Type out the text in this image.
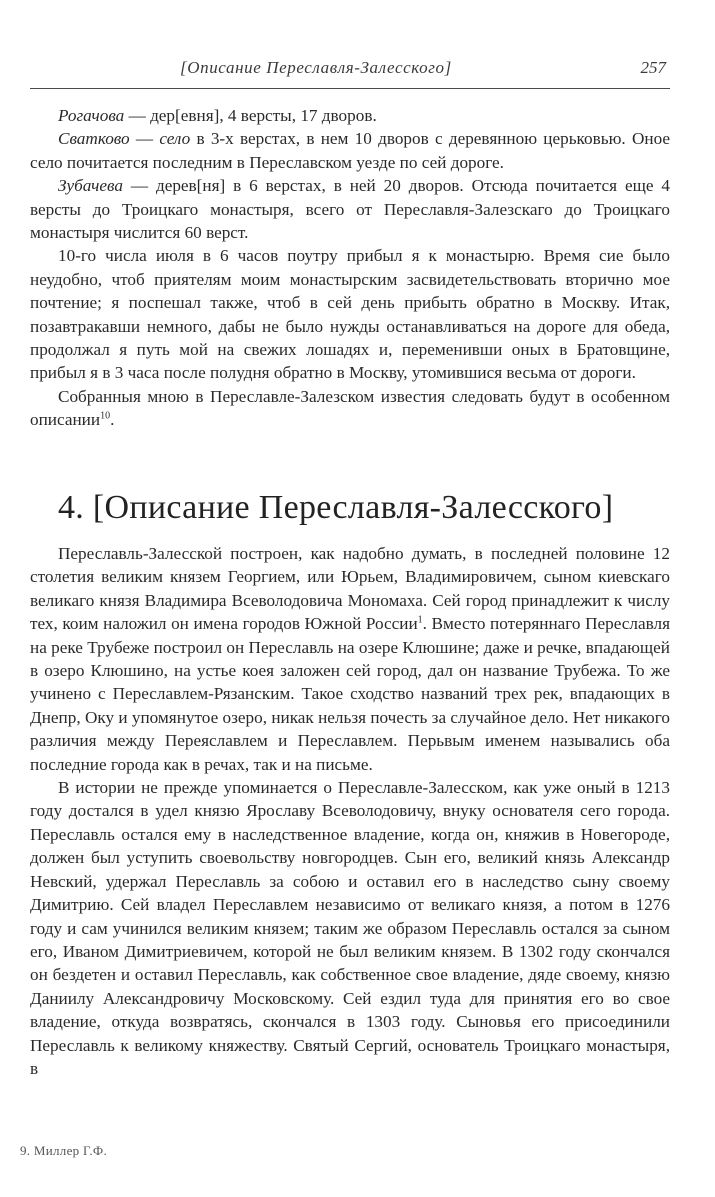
[Описание Переславля-Залесского]	257

Рогачова — дер[евня], 4 версты, 17 дворов.

Сватково — село в 3-х верстах, в нем 10 дворов с деревянною церьковью. Оное село почитается последним в Переславском уезде по сей дороге.

Зубачева — дерев[ня] в 6 верстах, в ней 20 дворов. Отсюда почитается еще 4 версты до Троицкаго монастыря, всего от Переславля-Залезскаго до Троицкаго монастыря числится 60 верст.

10-го числа июля в 6 часов поутру прибыл я к монастырю. Время сие было неудобно, чтоб приятелям моим монастырским засвидетельствовать вторично мое почтение; я поспешал также, чтоб в сей день прибыть обратно в Москву. Итак, позавтракавши немного, дабы не было нужды останавливаться на дороге для обеда, продолжал я путь мой на свежих лошадях и, переменивши оных в Братовщине, прибыл я в 3 часа после полудня обратно в Москву, утомившися весьма от дороги.

Собранныя мною в Переславле-Залезском известия следовать будут в особенном описании$^{10}$.

4. [Описание Переславля-Залесского]

Переславль-Залесской построен, как надобно думать, в последней половине 12 столетия великим князем Георгием, или Юрьем, Владимировичем, сыном киевскаго великаго князя Владимира Всеволодовича Мономаха. Сей город принадлежит к числу тех, коим наложил он имена городов Южной России$^1$. Вместо потеряннаго Переславля на реке Трубеже построил он Переславль на озере Клюшине; даже и речке, впадающей в озеро Клюшино, на устье коея заложен сей город, дал он название Трубежа. То же учинено с Переславлем-Рязанским. Такое сходство названий трех рек, впадающих в Днепр, Оку и упомянутое озеро, никак нельзя почесть за случайное дело. Нет никакого различия между Переяславлем и Переславлем. Перьвым именем назывались оба последние города как в речах, так и на письме.

В истории не прежде упоминается о Переславле-Залесском, как уже оный в 1213 году достался в удел князю Ярославу Всеволодовичу, внуку основателя сего города. Переславль остался ему в наследственное владение, когда он, княжив в Новегороде, должен был уступить своевольству новгородцев. Сын его, великий князь Александр Невский, удержал Переславль за собою и оставил его в наследство сыну своему Димитрию. Сей владел Переславлем независимо от великаго князя, а потом в 1276 году и сам учинился великим князем; таким же образом Переславль остался за сыном его, Иваном Димитриевичем, которой не был великим князем. В 1302 году скончался он бездетен и оставил Переславль, как собственное свое владение, дяде своему, князю Даниилу Александровичу Московскому. Сей ездил туда для принятия его во свое владение, откуда возвратясь, скончался в 1303 году. Сыновья его присоединили Переславль к великому княжеству. Святый Сергий, основатель Троицкаго монастыря, в

9. Миллер Г.Ф.
